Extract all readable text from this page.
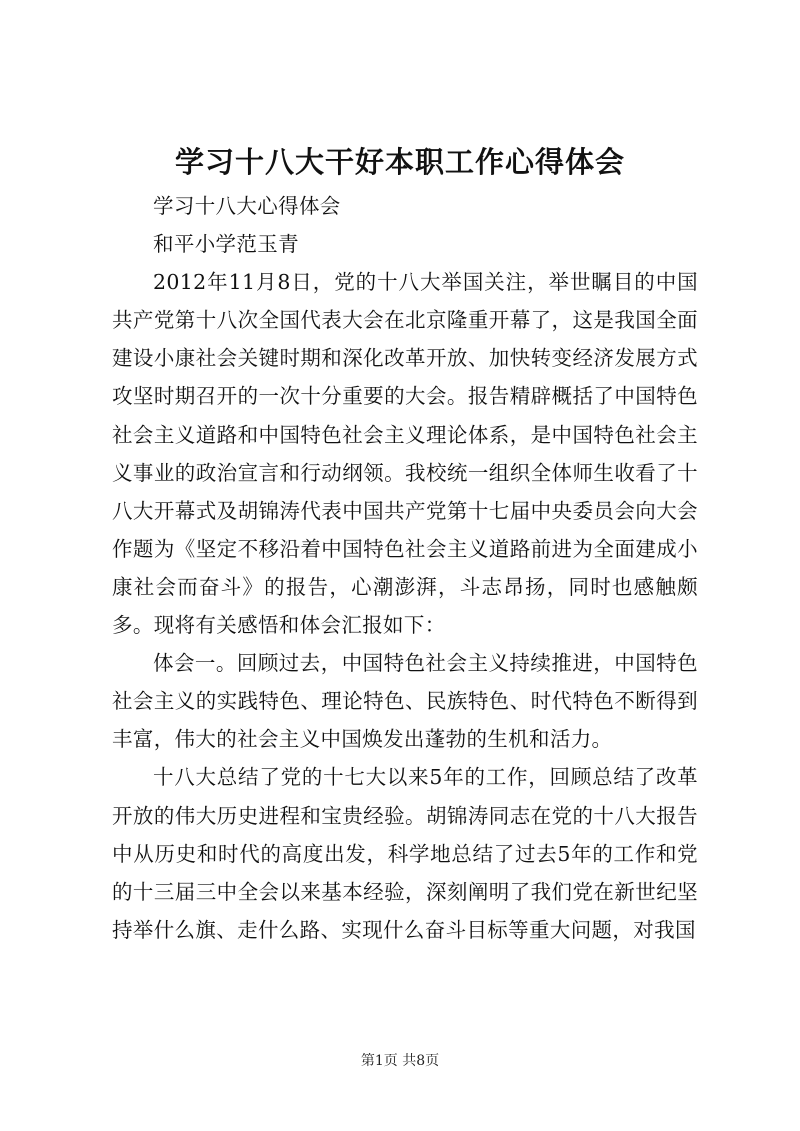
学习十八大干好本职工作心得体会

学习十八大心得体会

和平小学范玉青

2012年11月8日，党的十八大举国关注，举世瞩目的中国共产党第十八次全国代表大会在北京隆重开幕了，这是我国全面建设小康社会关键时期和深化改革开放、加快转变经济发展方式攻坚时期召开的一次十分重要的大会。报告精辟概括了中国特色社会主义道路和中国特色社会主义理论体系，是中国特色社会主义事业的政治宣言和行动纲领。我校统一组织全体师生收看了十八大开幕式及胡锦涛代表中国共产党第十七届中央委员会向大会作题为《坚定不移沿着中国特色社会主义道路前进为全面建成小康社会而奋斗》的报告，心潮澎湃，斗志昂扬，同时也感触颇多。现将有关感悟和体会汇报如下：

体会一。回顾过去，中国特色社会主义持续推进，中国特色社会主义的实践特色、理论特色、民族特色、时代特色不断得到丰富，伟大的社会主义中国焕发出蓬勃的生机和活力。

十八大总结了党的十七大以来5年的工作，回顾总结了改革开放的伟大历史进程和宝贵经验。胡锦涛同志在党的十八大报告中从历史和时代的高度出发，科学地总结了过去5年的工作和党的十三届三中全会以来基本经验，深刻阐明了我们党在新世纪坚持举什么旗、走什么路、实现什么奋斗目标等重大问题，对我国

第1页 共8页
